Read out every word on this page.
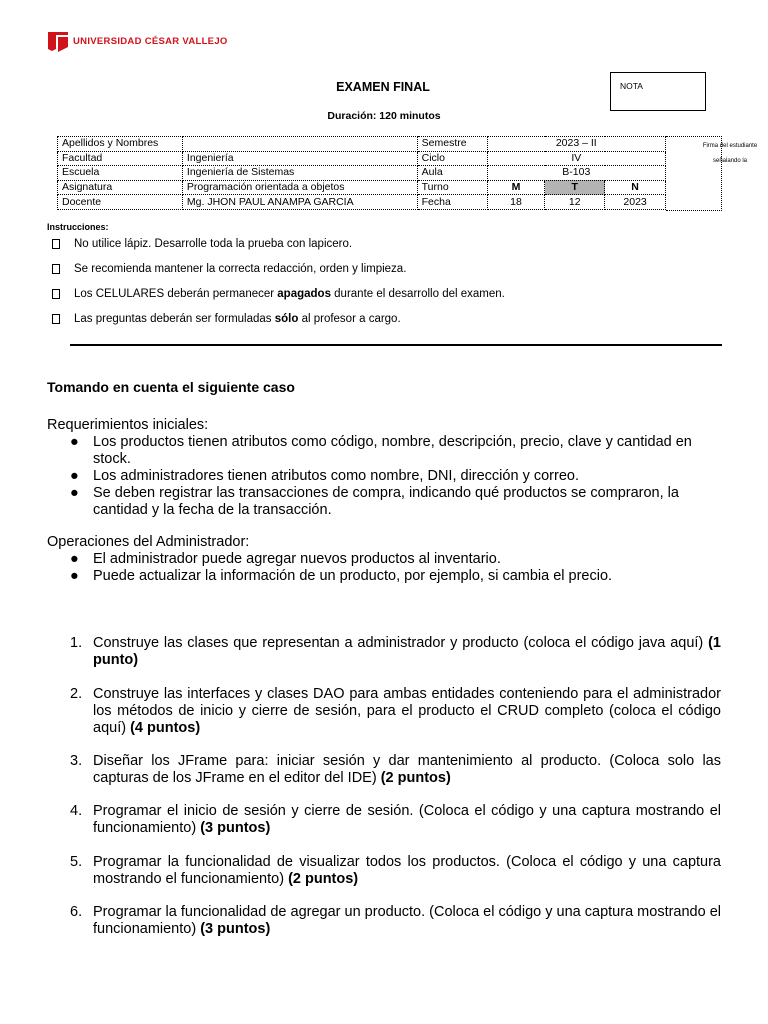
UNIVERSIDAD CÉSAR VALLEJO
EXAMEN FINAL
Duración: 120 minutos
NOTA
Apellidos y Nombres		Semestre	2023 – II		
Facultad	Ingeniería	Ciclo	IV		
Escuela	Ingeniería de Sistemas	Aula	B-103		
Asignatura	Programación orientada a objetos	Turno	M	T	N
Docente	Mg. JHON PAUL ANAMPA GARCIA	Fecha	18	12	2023
Firma del estudiante
señalando la
Instrucciones:
No utilice lápiz. Desarrolle toda la prueba con lapicero.
Se recomienda mantener la correcta redacción, orden y limpieza.
Los CELULARES deberán permanecer apagados durante el desarrollo del examen.
Las preguntas deberán ser formuladas sólo al profesor a cargo.
Tomando en cuenta el siguiente caso
Requerimientos iniciales:
● Los productos tienen atributos como código, nombre, descripción, precio, clave y cantidad en stock.
● Los administradores tienen atributos como nombre, DNI, dirección y correo.
● Se deben registrar las transacciones de compra, indicando qué productos se compraron, la cantidad y la fecha de la transacción.
Operaciones del Administrador:
● El administrador puede agregar nuevos productos al inventario.
● Puede actualizar la información de un producto, por ejemplo, si cambia el precio.
1. Construye las clases que representan a administrador y producto (coloca el código java aquí) (1 punto)
2. Construye las interfaces y clases DAO para ambas entidades conteniendo para el administrador los métodos de inicio y cierre de sesión, para el producto el CRUD completo (coloca el código aquí) (4 puntos)
3. Diseñar los JFrame para: iniciar sesión y dar mantenimiento al producto. (Coloca solo las capturas de los JFrame en el editor del IDE) (2 puntos)
4. Programar el inicio de sesión y cierre de sesión. (Coloca el código y una captura mostrando el funcionamiento) (3 puntos)
5. Programar la funcionalidad de visualizar todos los productos. (Coloca el código y una captura mostrando el funcionamiento) (2 puntos)
6. Programar la funcionalidad de agregar un producto. (Coloca el código y una captura mostrando el funcionamiento) (3 puntos)
